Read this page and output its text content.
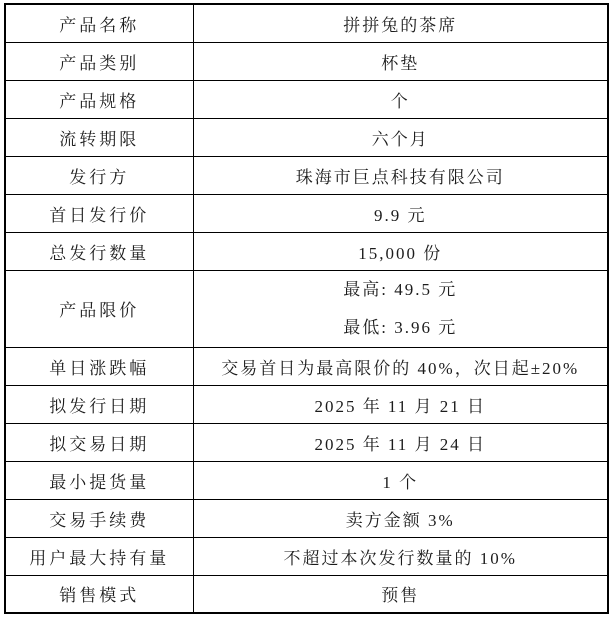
产品名称	拼拼兔的茶席
产品类别	杯垫
产品规格	个
流转期限	六个月
发行方	珠海市巨点科技有限公司
首日发行价	9.9 元
总发行数量	15,000 份
产品限价	最高: 49.5 元
最低: 3.96 元

单日涨跌幅	交易首日为最高限价的 40%，次日起±20%
拟发行日期	2025 年 11 月 21 日
拟交易日期	2025 年 11 月 24 日
最小提货量	1 个
交易手续费	卖方金额 3%
用户最大持有量	不超过本次发行数量的 10%
销售模式	预售
